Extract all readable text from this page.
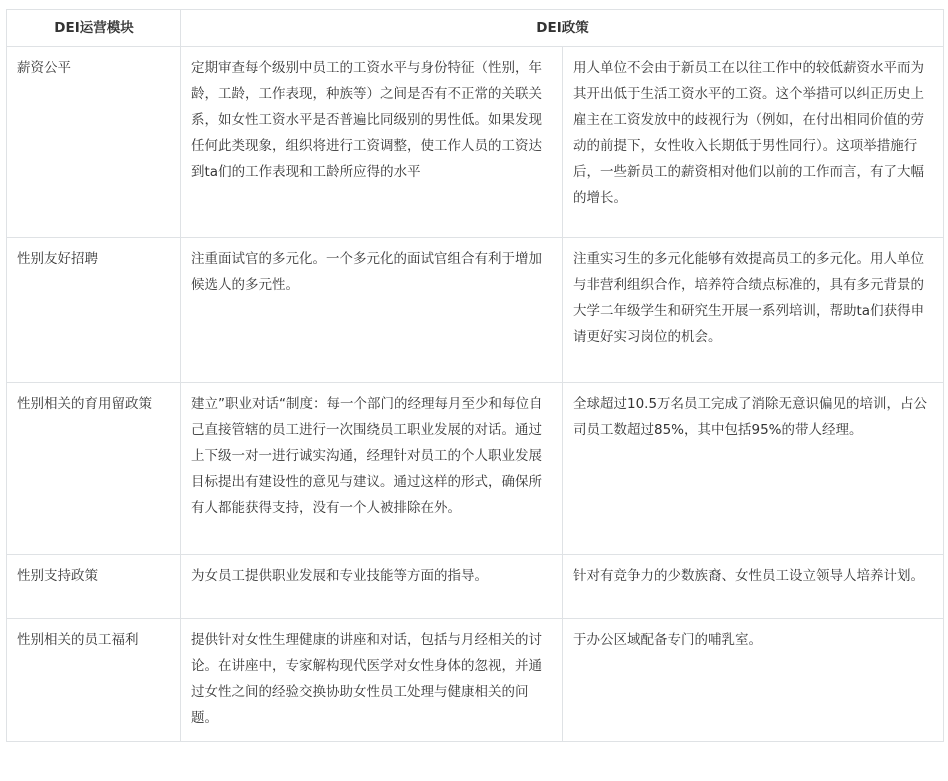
DEI运营模块	DEI政策	
薪资公平	定期审查每个级别中员工的工资水平与身份特征（性别，年龄，工龄，工作表现，种族等）之间是否有不正常的关联关系，如女性工资水平是否普遍比同级别的男性低。如果发现任何此类现象，组织将进行工资调整，使工作人员的工资达到ta们的工作表现和工龄所应得的水平	用人单位不会由于新员工在以往工作中的较低薪资水平而为其开出低于生活工资水平的工资。这个举措可以纠正历史上雇主在工资发放中的歧视行为（例如，在付出相同价值的劳动的前提下，女性收入长期低于男性同行）。这项举措施行后，一些新员工的薪资相对他们以前的工作而言，有了大幅的增长。
性别友好招聘	注重面试官的多元化。一个多元化的面试官组合有利于增加候选人的多元性。	注重实习生的多元化能够有效提高员工的多元化。用人单位与非营利组织合作，培养符合绩点标准的，具有多元背景的大学二年级学生和研究生开展一系列培训，帮助ta们获得申请更好实习岗位的机会。
性别相关的育用留政策	建立”职业对话“制度：每一个部门的经理每月至少和每位自己直接管辖的员工进行一次围绕员工职业发展的对话。通过上下级一对一进行诚实沟通，经理针对员工的个人职业发展目标提出有建设性的意见与建议。通过这样的形式，确保所有人都能获得支持，没有一个人被排除在外。	全球超过10.5万名员工完成了消除无意识偏见的培训，占公司员工数超过85%，其中包括95%的带人经理。
性别支持政策	为女员工提供职业发展和专业技能等方面的指导。	针对有竞争力的少数族裔、女性员工设立领导人培养计划。
性别相关的员工福利	提供针对女性生理健康的讲座和对话，包括与月经相关的讨论。在讲座中，专家解构现代医学对女性身体的忽视，并通过女性之间的经验交换协助女性员工处理与健康相关的问题。	于办公区域配备专门的哺乳室。
